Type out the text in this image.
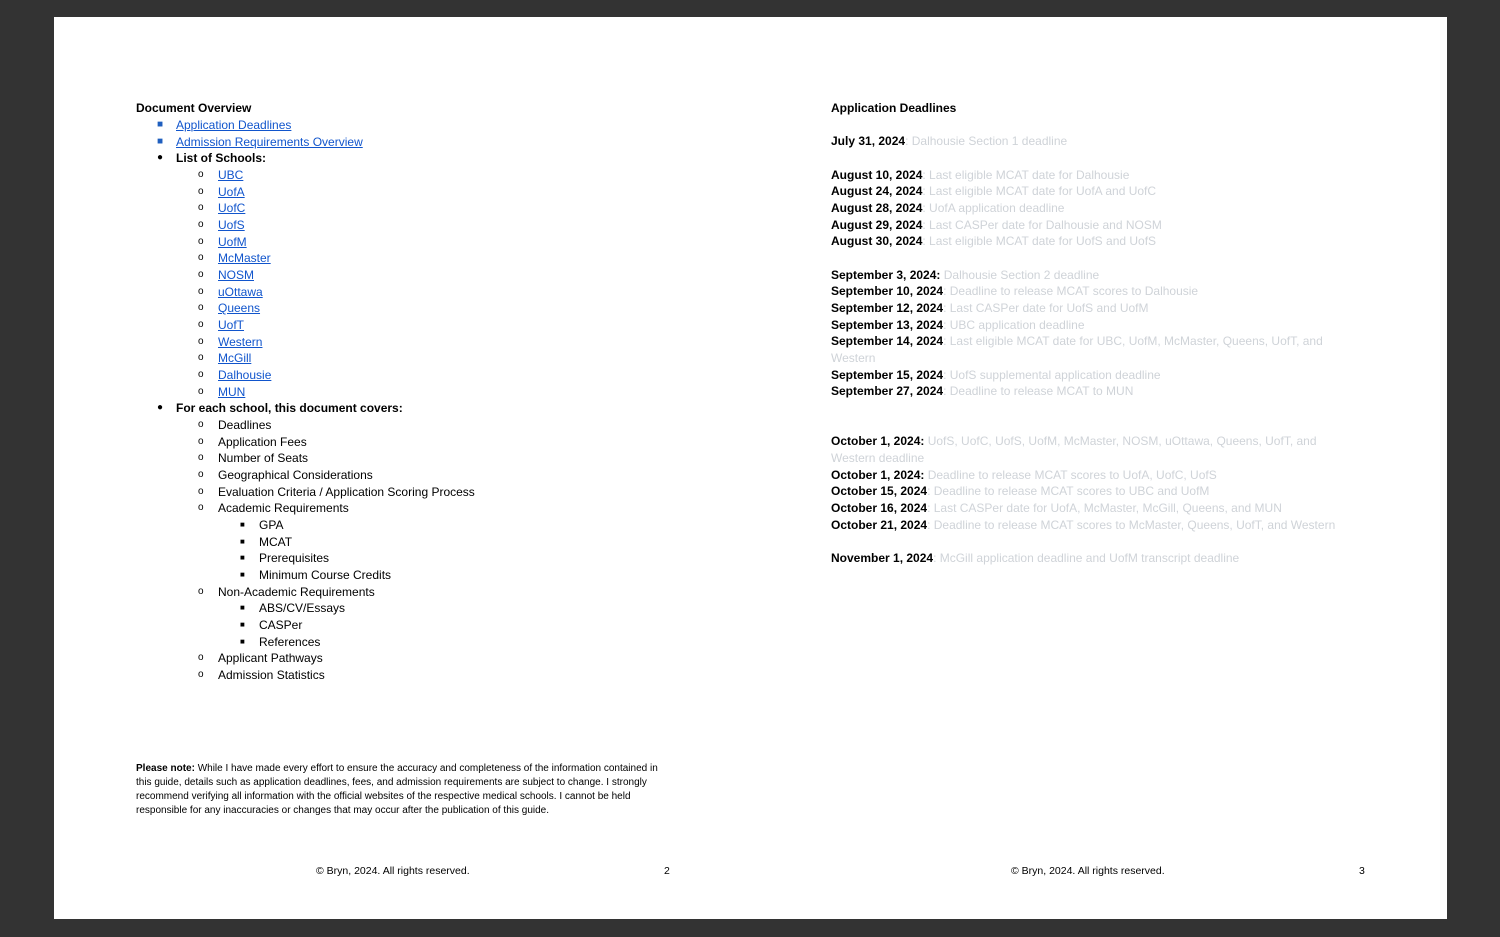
Document Overview
■ Application Deadlines
■ Admission Requirements Overview
● List of Schools:
o UBC
o UofA
o UofC
o UofS
o UofM
o McMaster
o NOSM
o uOttawa
o Queens
o UofT
o Western
o McGill
o Dalhousie
o MUN
● For each school, this document covers:
o Deadlines
o Application Fees
o Number of Seats
o Geographical Considerations
o Evaluation Criteria / Application Scoring Process
o Academic Requirements
■ GPA
■ MCAT
■ Prerequisites
■ Minimum Course Credits
o Non-Academic Requirements
■ ABS/CV/Essays
■ CASPer
■ References
o Applicant Pathways
o Admission Statistics
Please note: While I have made every effort to ensure the accuracy and completeness of the information contained in this guide, details such as application deadlines, fees, and admission requirements are subject to change. I strongly recommend verifying all information with the official websites of the respective medical schools. I cannot be held responsible for any inaccuracies or changes that may occur after the publication of this guide.
© Bryn, 2024. All rights reserved.	2
Application Deadlines
July 31, 2024: Dalhousie Section 1 deadline
August 10, 2024: Last eligible MCAT date for Dalhousie
August 24, 2024: Last eligible MCAT date for UofA and UofC
August 28, 2024: UofA application deadline
August 29, 2024: Last CASPer date for Dalhousie and NOSM
August 30, 2024: Last eligible MCAT date for UofS and UofS
September 3, 2024: Dalhousie Section 2 deadline
September 10, 2024: Deadline to release MCAT scores to Dalhousie
September 12, 2024: Last CASPer date for UofS and UofM
September 13, 2024: UBC application deadline
September 14, 2024: Last eligible MCAT date for UBC, UofM, McMaster, Queens, UofT, and Western
September 15, 2024: UofS supplemental application deadline
September 27, 2024: Deadline to release MCAT to MUN
October 1, 2024: UofS, UofC, UofS, UofM, McMaster, NOSM, uOttawa, Queens, UofT, and Western deadline
October 1, 2024: Deadline to release MCAT scores to UofA, UofC, UofS
October 15, 2024: Deadline to release MCAT scores to UBC and UofM
October 16, 2024: Last CASPer date for UofA, McMaster, McGill, Queens, and MUN
October 21, 2024: Deadline to release MCAT scores to McMaster, Queens, UofT, and Western
November 1, 2024: McGill application deadline and UofM transcript deadline
© Bryn, 2024. All rights reserved.	3
